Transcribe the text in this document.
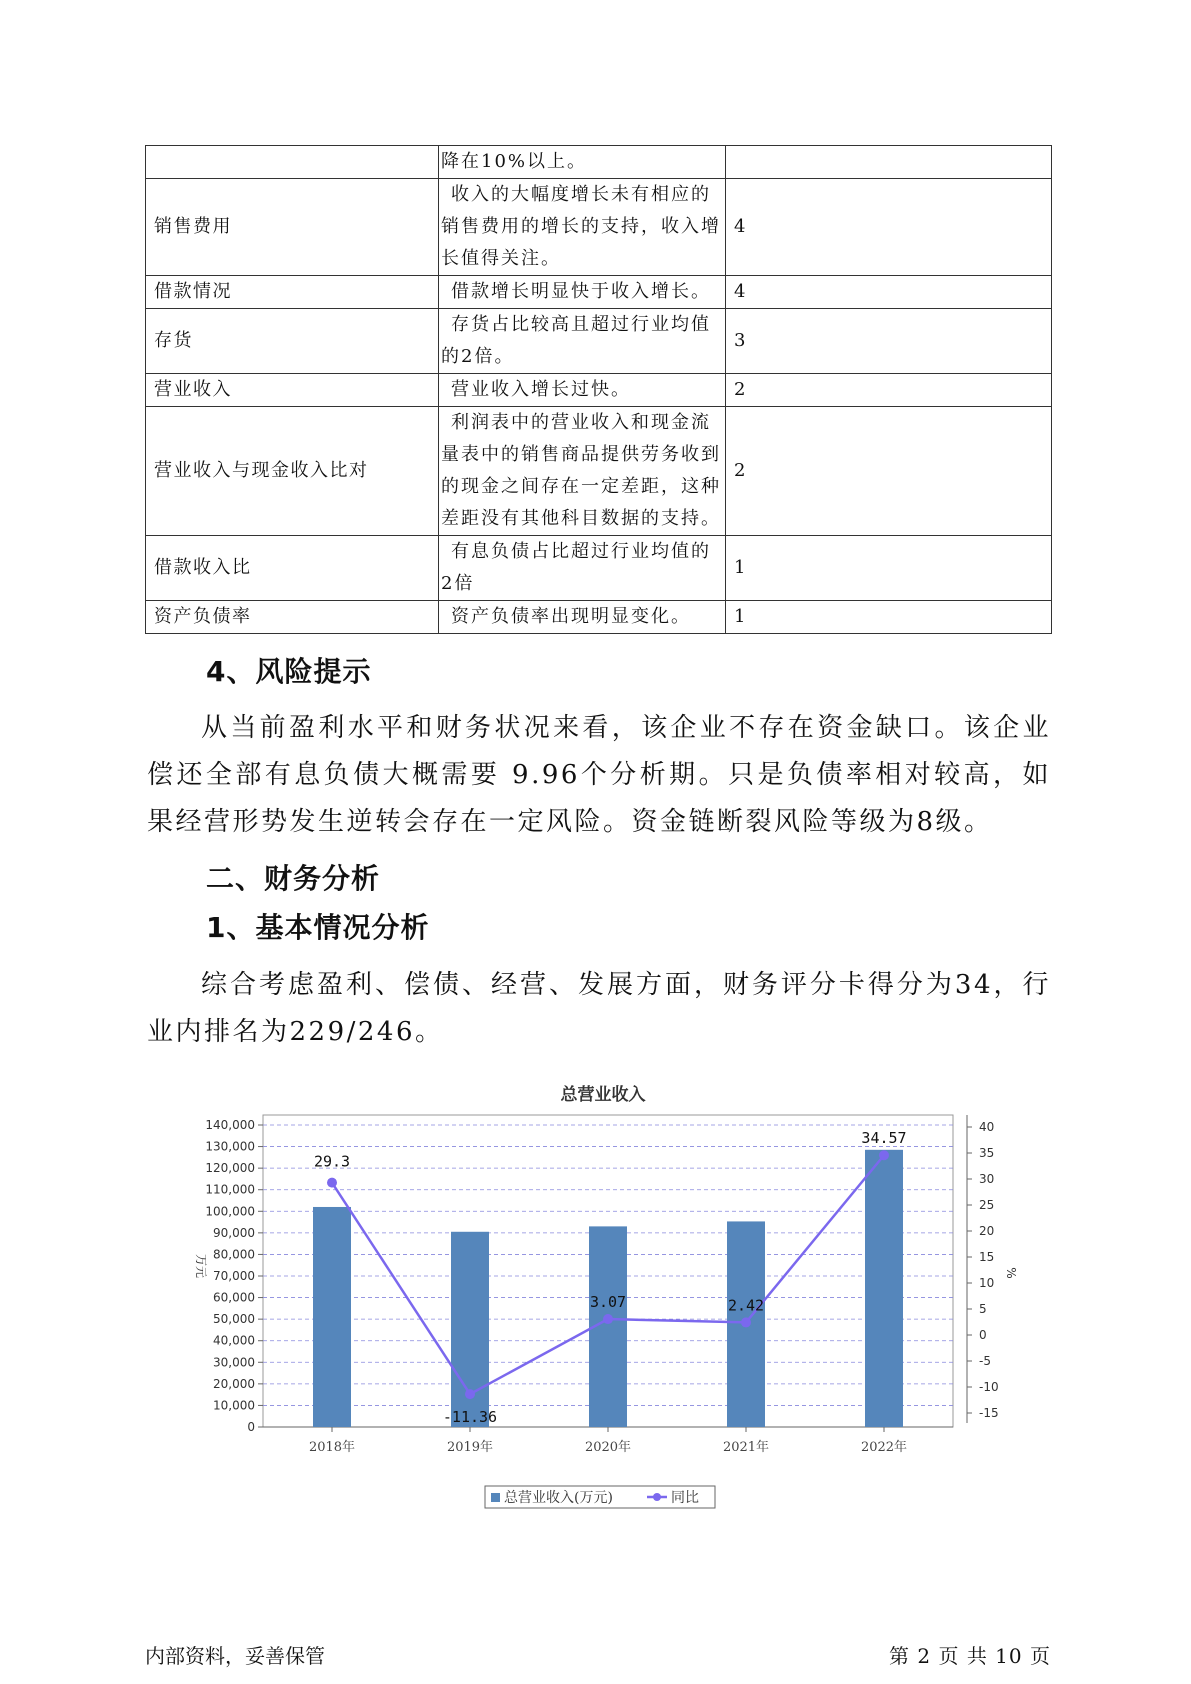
	降在10%以上。	
销售费用	收入的大幅度增长未有相应的销售费用的增长的支持，收入增长值得关注。	4
借款情况	借款增长明显快于收入增长。	4
存货	存货占比较高且超过行业均值的2倍。	3
营业收入	营业收入增长过快。	2
营业收入与现金收入比对	利润表中的营业收入和现金流量表中的销售商品提供劳务收到的现金之间存在一定差距，这种差距没有其他科目数据的支持。	2
借款收入比	有息负债占比超过行业均值的2倍	1
资产负债率	资产负债率出现明显变化。	1
4、风险提示
从当前盈利水平和财务状况来看，该企业不存在资金缺口。该企业偿还全部有息负债大概需要 9.96个分析期。只是负债率相对较高，如果经营形势发生逆转会存在一定风险。资金链断裂风险等级为8级。
二、财务分析
1、基本情况分析
综合考虑盈利、偿债、经营、发展方面，财务评分卡得分为34，行业内排名为229/246。
总营业收入
0
10,000
20,000
30,000
40,000
50,000
60,000
70,000
80,000
90,000
100,000
110,000
120,000
130,000
140,000
万元
-15
-10
-5
0
5
10
15
20
25
30
35
40
%
2018年	2019年	2020年	2021年	2022年
29.3
-11.36
3.07	2.42
34.57
总营业收入(万元)	同比
内部资料，妥善保管	第 2 页 共 10 页
